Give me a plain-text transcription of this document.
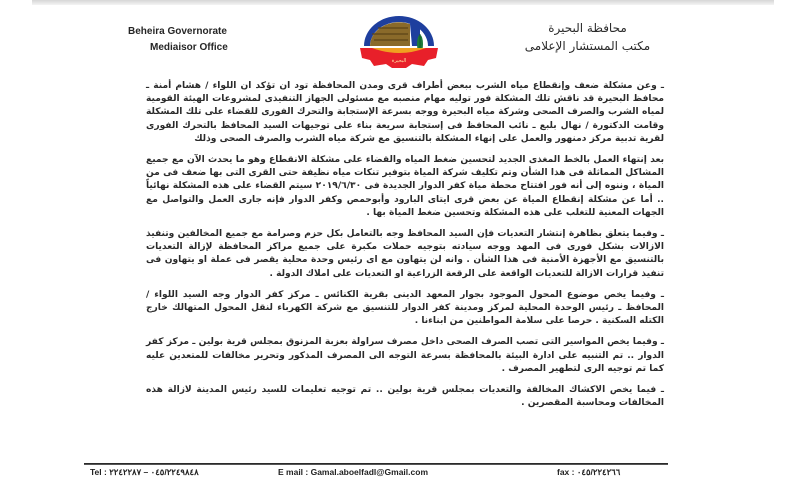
Beheira Governorate
Mediaisor Office
البحيرة
محافظة البحيرة
مكتب المستشار الإعلامى

ـ وعن مشكلة ضعف وإنقطاع مياه الشرب ببعض أطراف قرى ومدن المحافظة تود ان تؤكد ان اللواء / هشام أمنة ـ محافظ البحيرة قد ناقش تلك المشكلة فور توليه مهام منصبه مع مسئولى الجهاز التنفيذى لمشروعات الهيئة القومية لمياه الشرب والصرف الصحى وشركة مياه البحيرة ووجه بسرعة الإستجابة والتحرك الفورى للقضاء على تلك المشكلة وقامت الدكتورة / نهال بلبع ـ نائب المحافظ فى إستجابة سريعة بناء على توجيهات السيد المحافظ بالتحرك الفورى لقرية تدبية مركز دمنهور والعمل على إنهاء المشكلة بالتنسيق مع شركة مياه الشرب والصرف الصحى وذلك

بعد إنتهاء العمل بالخط المغذى الجديد لتحسين ضغط المياه والقضاء على مشكلة الانقطاع وهو ما يحدث الآن مع جميع المشاكل المماثلة فى هذا الشأن وتم تكليف شركة المياة بتوفير تنكات مياه نظيفة حتى القرى التى بها ضعف فى من المياة ، وننوه إلى أنه فور افتتاح محطة مياة كفر الدوار الجديدة فى ٢٠١٩/٦/٣٠ سيتم القضاء على هذه المشكلة نهائياً .. أما عن مشكلة إنقطاع المياة عن بعض قرى ايتاى البارود وأبوحمص وكفر الدوار فإنه جارى العمل والتواصل مع الجهات المعنية للتغلب على هذه المشكلة وتحسين ضغط المياة بها .

ـ وفيما يتعلق بظاهرة إنتشار التعديات فإن السيد المحافظ وجه بالتعامل بكل حزم وصرامة مع جميع المخالفين وتنفيذ الازالات بشكل فورى فى المهد ووجه سيادته بتوجيه حملات مكبرة على جميع مراكز المحافظة لإزالة التعديات بالتنسيق مع الأجهزة الأمنية فى هذا الشأن . وانه لن يتهاون مع اى رئيس وحدة محلية يقصر فى عملة او يتهاون فى تنفيذ قرارات الازالة للتعديات الواقعة على الرقعة الزراعية او التعديات على املاك الدولة .

ـ وفيما يخص موضوع المحول الموجود بجوار المعهد الدينى بقرية الكنائس ـ مركز كفر الدوار وجه السيد اللواء / المحافظ ـ رئيس الوحدة المحلية لمركز ومدينة كفر الدوار للتنسيق مع شركة الكهرباء لنقل المحول المتهالك خارج الكتله السكنية . حرصا على سلامة المواطنين من ابناءنا .

ـ وفيما يخص المواسير التى تصب الصرف الصحى داخل مصرف سراولة بعزبة المزنوق بمجلس قرية بولين ـ مركز كفر الدوار .. تم التنبيه على ادارة البيئة بالمحافظة بسرعة التوجه الى المصرف المذكور وتحرير مخالفات للمتعدين عليه كما تم توجيه الرى لتطهير المصرف .

ـ فيما يخص الاكشاك المخالفة والتعديات بمجلس قرية بولين .. تم توجيه تعليمات للسيد رئيس المدينة لازالة هذه المخالفات ومحاسبة المقصرين .

Tel : ٠٤٥/٢٢٤٩٨٤٨ – ٢٢٤٢٢٨٧	E mail : Gamal.aboelfadl@Gmail.com	fax : ٠٤٥/٢٢٤٢٦٦
